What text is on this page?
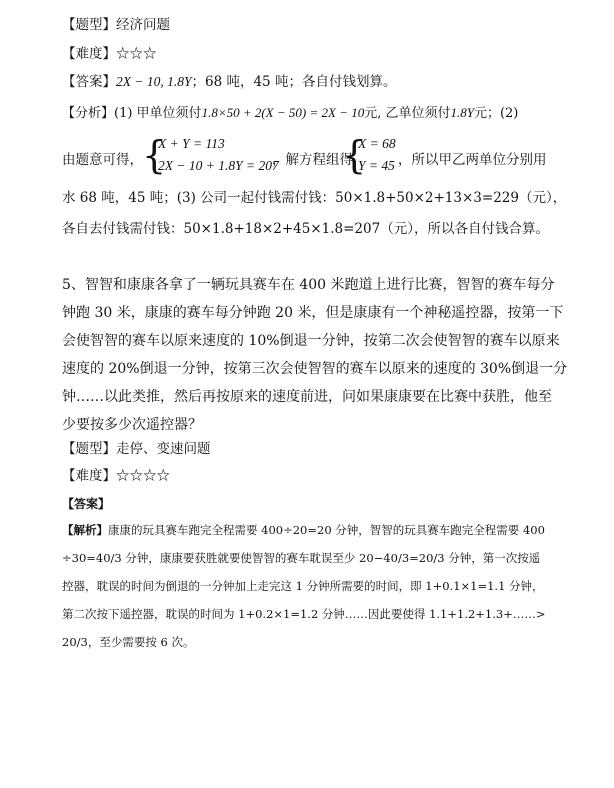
【题型】经济问题
【难度】☆☆☆
【答案】2X − 10, 1.8Y；68 吨，45 吨；各自付钱划算。
【分析】(1) 甲单位须付1.8×50 + 2(X − 50) = 2X − 10元, 乙单位须付1.8Y元；(2)
由题意可得， {
X + Y = 113
2X − 10 + 1.8Y = 207
，解方程组得
{
X = 68
Y = 45 ，所以甲乙两单位分别用
水 68 吨，45 吨；(3) 公司一起付钱需付钱：50×1.8+50×2+13×3=229（元），
各自去付钱需付钱：50×1.8+18×2+45×1.8=207（元），所以各自付钱合算。
5、智智和康康各拿了一辆玩具赛车在 400 米跑道上进行比赛，智智的赛车每分
钟跑 30 米，康康的赛车每分钟跑 20 米，但是康康有一个神秘遥控器，按第一下
会使智智的赛车以原来速度的 10%倒退一分钟，按第二次会使智智的赛车以原来
速度的 20%倒退一分钟，按第三次会使智智的赛车以原来的速度的 30%倒退一分
钟……以此类推，然后再按原来的速度前进，问如果康康要在比赛中获胜，他至
少要按多少次遥控器？
【题型】走停、变速问题
【难度】☆☆☆☆
【答案】
【解析】康康的玩具赛车跑完全程需要 400÷20=20 分钟，智智的玩具赛车跑完全程需要 400
÷30=40/3 分钟，康康要获胜就要使智智的赛车耽误至少 20−40/3=20/3 分钟，第一次按遥
控器，耽误的时间为倒退的一分钟加上走完这 1 分钟所需要的时间，即 1+0.1×1=1.1 分钟，
第二次按下遥控器，耽误的时间为 1+0.2×1=1.2 分钟……因此要使得 1.1+1.2+1.3+……>
20/3，至少需要按 6 次。
